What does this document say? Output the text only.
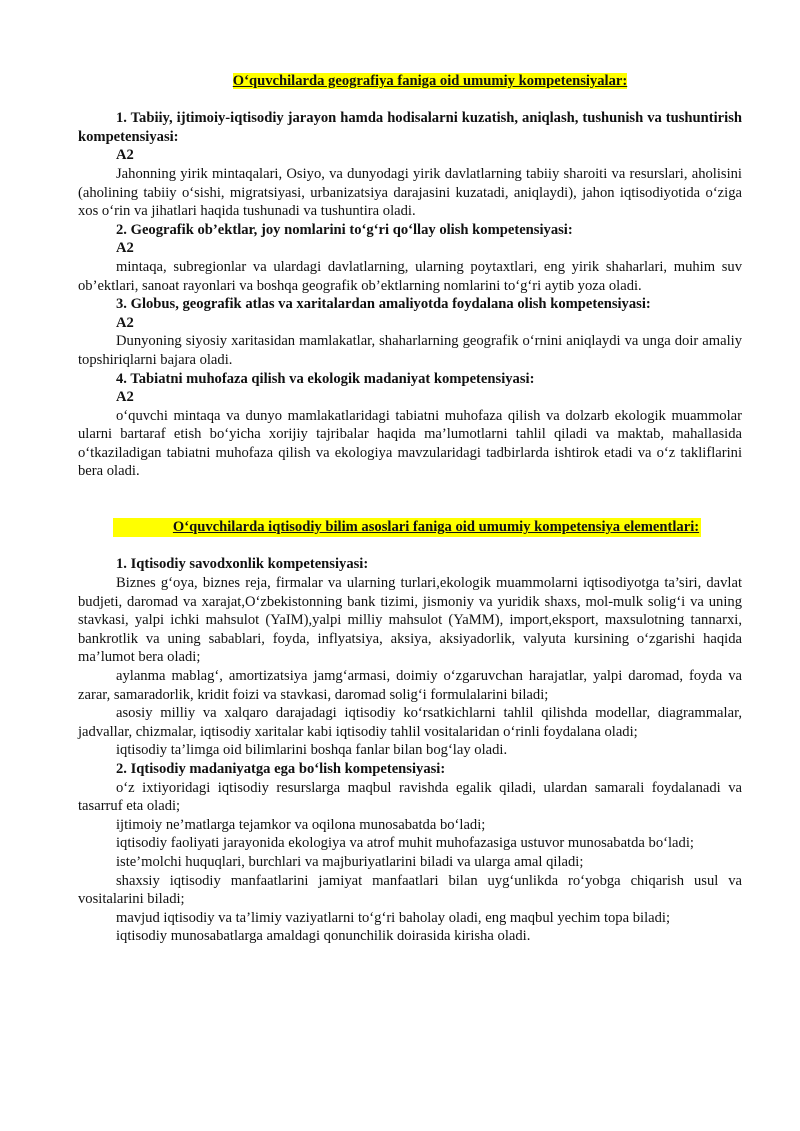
O‘quvchilarda geografiya faniga oid umumiy kompetensiyalar:

1. Tabiiy, ijtimoiy-iqtisodiy jarayon hamda hodisalarni kuzatish, aniqlash, tushunish va tushuntirish kompetensiyasi:

A2

Jahonning yirik mintaqalari, Osiyo, va dunyodagi yirik davlatlarning tabiiy sharoiti va resurslari, aholisini (aholining tabiiy o‘sishi, migratsiyasi, urbanizatsiya darajasini kuzatadi, aniqlaydi), jahon iqtisodiyotida o‘ziga xos o‘rin va jihatlari haqida tushunadi va tushuntira oladi.

2. Geografik ob’ektlar, joy nomlarini to‘g‘ri qo‘llay olish kompetensiyasi:

A2

mintaqa, subregionlar va ulardagi davlatlarning, ularning poytaxtlari, eng yirik shaharlari, muhim suv ob’ektlari, sanoat rayonlari va boshqa geografik ob’ektlarning nomlarini to‘g‘ri aytib yoza oladi.

3. Globus, geografik atlas va xaritalardan amaliyotda foydalana olish kompetensiyasi:

A2

Dunyoning siyosiy xaritasidan mamlakatlar, shaharlarning geografik o‘rnini aniqlaydi va unga doir amaliy topshiriqlarni bajara oladi.

4. Tabiatni muhofaza qilish va ekologik madaniyat kompetensiyasi:

A2

o‘quvchi mintaqa va dunyo mamlakatlaridagi tabiatni muhofaza qilish va dolzarb ekologik muammolar ularni bartaraf etish bo‘yicha xorijiy tajribalar haqida ma’lumotlarni tahlil qiladi va maktab, mahallasida o‘tkaziladigan tabiatni muhofaza qilish va ekologiya mavzularidagi tadbirlarda ishtirok etadi va o‘z takliflarini bera oladi.

O‘quvchilarda iqtisodiy bilim asoslari faniga oid umumiy kompetensiya elementlari:

1. Iqtisodiy savodxonlik kompetensiyasi:

Biznes g‘oya, biznes reja, firmalar va ularning turlari,ekologik muammolarni iqtisodiyotga ta’siri, davlat budjeti, daromad va xarajat,O‘zbekistonning bank tizimi, jismoniy va yuridik shaxs, mol-mulk solig‘i va uning stavkasi, yalpi ichki mahsulot (YaIM),yalpi milliy mahsulot (YaMM), import,eksport, maxsulotning tannarxi, bankrotlik va uning sabablari, foyda, inflyatsiya, aksiya, aksiyadorlik, valyuta kursining o‘zgarishi haqida ma’lumot bera oladi;

aylanma mablag‘, amortizatsiya jamg‘armasi, doimiy o‘zgaruvchan harajatlar, yalpi daromad, foyda va zarar, samaradorlik, kridit foizi va stavkasi, daromad solig‘i formulalarini biladi;

asosiy milliy va xalqaro darajadagi iqtisodiy ko‘rsatkichlarni tahlil qilishda modellar, diagrammalar, jadvallar, chizmalar, iqtisodiy xaritalar kabi iqtisodiy tahlil vositalaridan o‘rinli foydalana oladi;

iqtisodiy ta’limga oid bilimlarini boshqa fanlar bilan bog‘lay oladi.

2. Iqtisodiy madaniyatga ega bo‘lish kompetensiyasi:

o‘z ixtiyoridagi iqtisodiy resurslarga maqbul ravishda egalik qiladi, ulardan samarali foydalanadi va tasarruf eta oladi;

ijtimoiy ne’matlarga tejamkor va oqilona munosabatda bo‘ladi;

iqtisodiy faoliyati jarayonida ekologiya va atrof muhit muhofazasiga ustuvor munosabatda bo‘ladi;

iste’molchi huquqlari, burchlari va majburiyatlarini biladi va ularga amal qiladi;

shaxsiy iqtisodiy manfaatlarini jamiyat manfaatlari bilan uyg‘unlikda ro‘yobga chiqarish usul va vositalarini biladi;

mavjud iqtisodiy va ta’limiy vaziyatlarni to‘g‘ri baholay oladi, eng maqbul yechim topa biladi;

iqtisodiy munosabatlarga amaldagi qonunchilik doirasida kirisha oladi.
